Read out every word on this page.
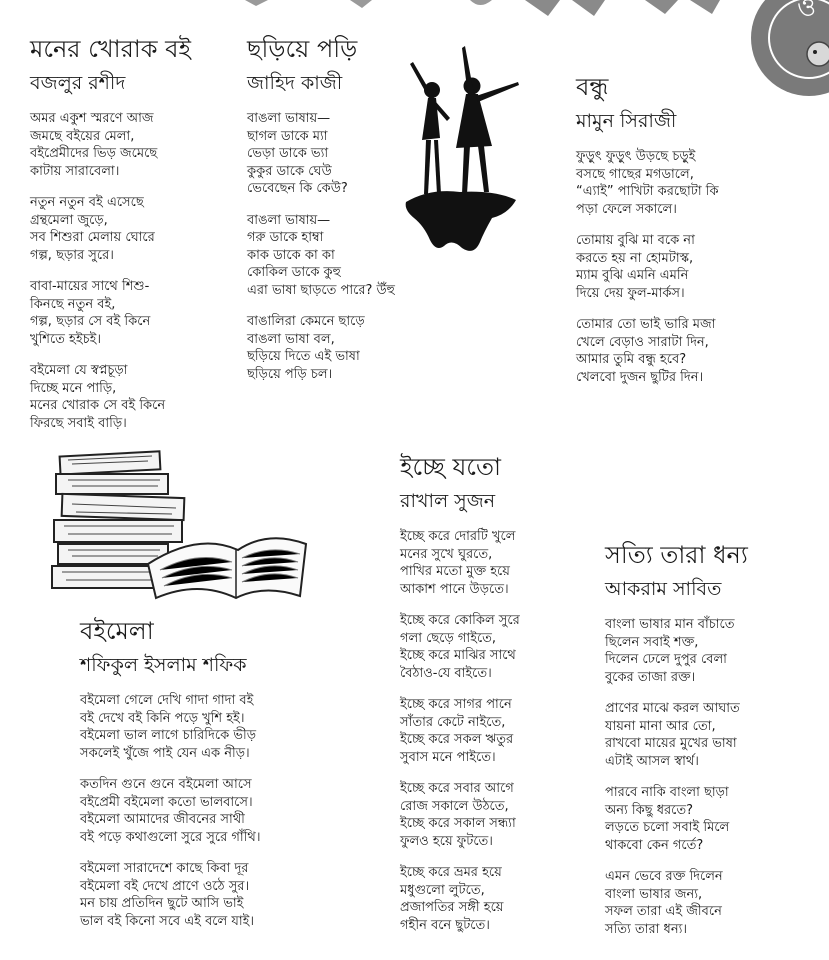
ও
মনের খোরাক বই
বজলুর রশীদ
অমর একুশ স্মরণে আজ
জমছে বইয়ের মেলা,
বইপ্রেমীদের ভিড় জমেছে
কাটায় সারাবেলা।
নতুন নতুন বই এসেছে
গ্রন্থমেলা জুড়ে,
সব শিশুরা মেলায় ঘোরে
গল্প, ছড়ার সুরে।
বাবা-মায়ের সাথে শিশু-
কিনছে নতুন বই,
গল্প, ছড়ার সে বই কিনে
খুশিতে হইচই।
বইমেলা যে স্বপ্নচূড়া
দিচ্ছে মনে পাড়ি,
মনের খোরাক সে বই কিনে
ফিরছে সবাই বাড়ি।
ছড়িয়ে পড়ি
জাহিদ কাজী
বাঙলা ভাষায়—
ছাগল ডাকে ম্যা
ভেড়া ডাকে ভ্যা
কুকুর ডাকে ঘেউ
ভেবেছেন কি কেউ?
বাঙলা ভাষায়—
গরু ডাকে হাম্বা
কাক ডাকে কা কা
কোকিল ডাকে কুহু
এরা ভাষা ছাড়তে পারে? উঁহু
বাঙালিরা কেমনে ছাড়ে
বাঙলা ভাষা বল,
ছড়িয়ে দিতে এই ভাষা
ছড়িয়ে পড়ি চল।
বন্ধু
মামুন সিরাজী
ফুড়ুৎ ফুড়ুৎ উড়ছে চড়ুই
বসছে গাছের মগডালে,
“এ্যাই” পাখিটা করছোটা কি
পড়া ফেলে সকালে।
তোমায় বুঝি মা বকে না
করতে হয় না হোমটাস্ক,
ম্যাম বুঝি এমনি এমনি
দিয়ে দেয় ফুল-মার্কস।
তোমার তো ভাই ভারি মজা
খেলে বেড়াও সারাটা দিন,
আমার তুমি বন্ধু হবে?
খেলবো দুজন ছুটির দিন।
ইচ্ছে যতো
রাখাল সুজন
ইচ্ছে করে দোরটি খুলে
মনের সুখে ঘুরতে,
পাখির মতো মুক্ত হয়ে
আকাশ পানে উড়তে।
ইচ্ছে করে কোকিল সুরে
গলা ছেড়ে গাইতে,
ইচ্ছে করে মাঝির সাথে
বৈঠাও-যে বাইতে।
ইচ্ছে করে সাগর পানে
সাঁতার কেটে নাইতে,
ইচ্ছে করে সকল ঋতুর
সুবাস মনে পাইতে।
ইচ্ছে করে সবার আগে
রোজ সকালে উঠতে,
ইচ্ছে করে সকাল সন্ধ্যা
ফুলও হয়ে ফুটতে।
ইচ্ছে করে ভ্রমর হয়ে
মধুগুলো লুটতে,
প্রজাপতির সঙ্গী হয়ে
গহীন বনে ছুটতে।
সত্যি তারা ধন্য
আকরাম সাবিত
বাংলা ভাষার মান বাঁচাতে
ছিলেন সবাই শক্ত,
দিলেন ঢেলে দুপুর বেলা
বুকের তাজা রক্ত।
প্রাণের মাঝে করল আঘাত
যায়না মানা আর তো,
রাখবো মায়ের মুখের ভাষা
এটাই আসল স্বার্থ।
পারবে নাকি বাংলা ছাড়া
অন্য কিছু ধরতে?
লড়তে চলো সবাই মিলে
থাকবো কেন গর্তে?
এমন ভেবে রক্ত দিলেন
বাংলা ভাষার জন্য,
সফল তারা এই জীবনে
সত্যি তারা ধন্য।
বইমেলা
শফিকুল ইসলাম শফিক
বইমেলা গেলে দেখি গাদা গাদা বই
বই দেখে বই কিনি পড়ে খুশি হই।
বইমেলা ভাল লাগে চারিদিকে ভীড়
সকলেই খুঁজে পাই যেন এক নীড়।
কতদিন গুনে গুনে বইমেলা আসে
বইপ্রেমী বইমেলা কতো ভালবাসে।
বইমেলা আমাদের জীবনের সাথী
বই পড়ে কথাগুলো সুরে সুরে গাঁথি।
বইমেলা সারাদেশে কাছে কিবা দূর
বইমেলা বই দেখে প্রাণে ওঠে সুর।
মন চায় প্রতিদিন ছুটে আসি ভাই
ভাল বই কিনো সবে এই বলে যাই।
